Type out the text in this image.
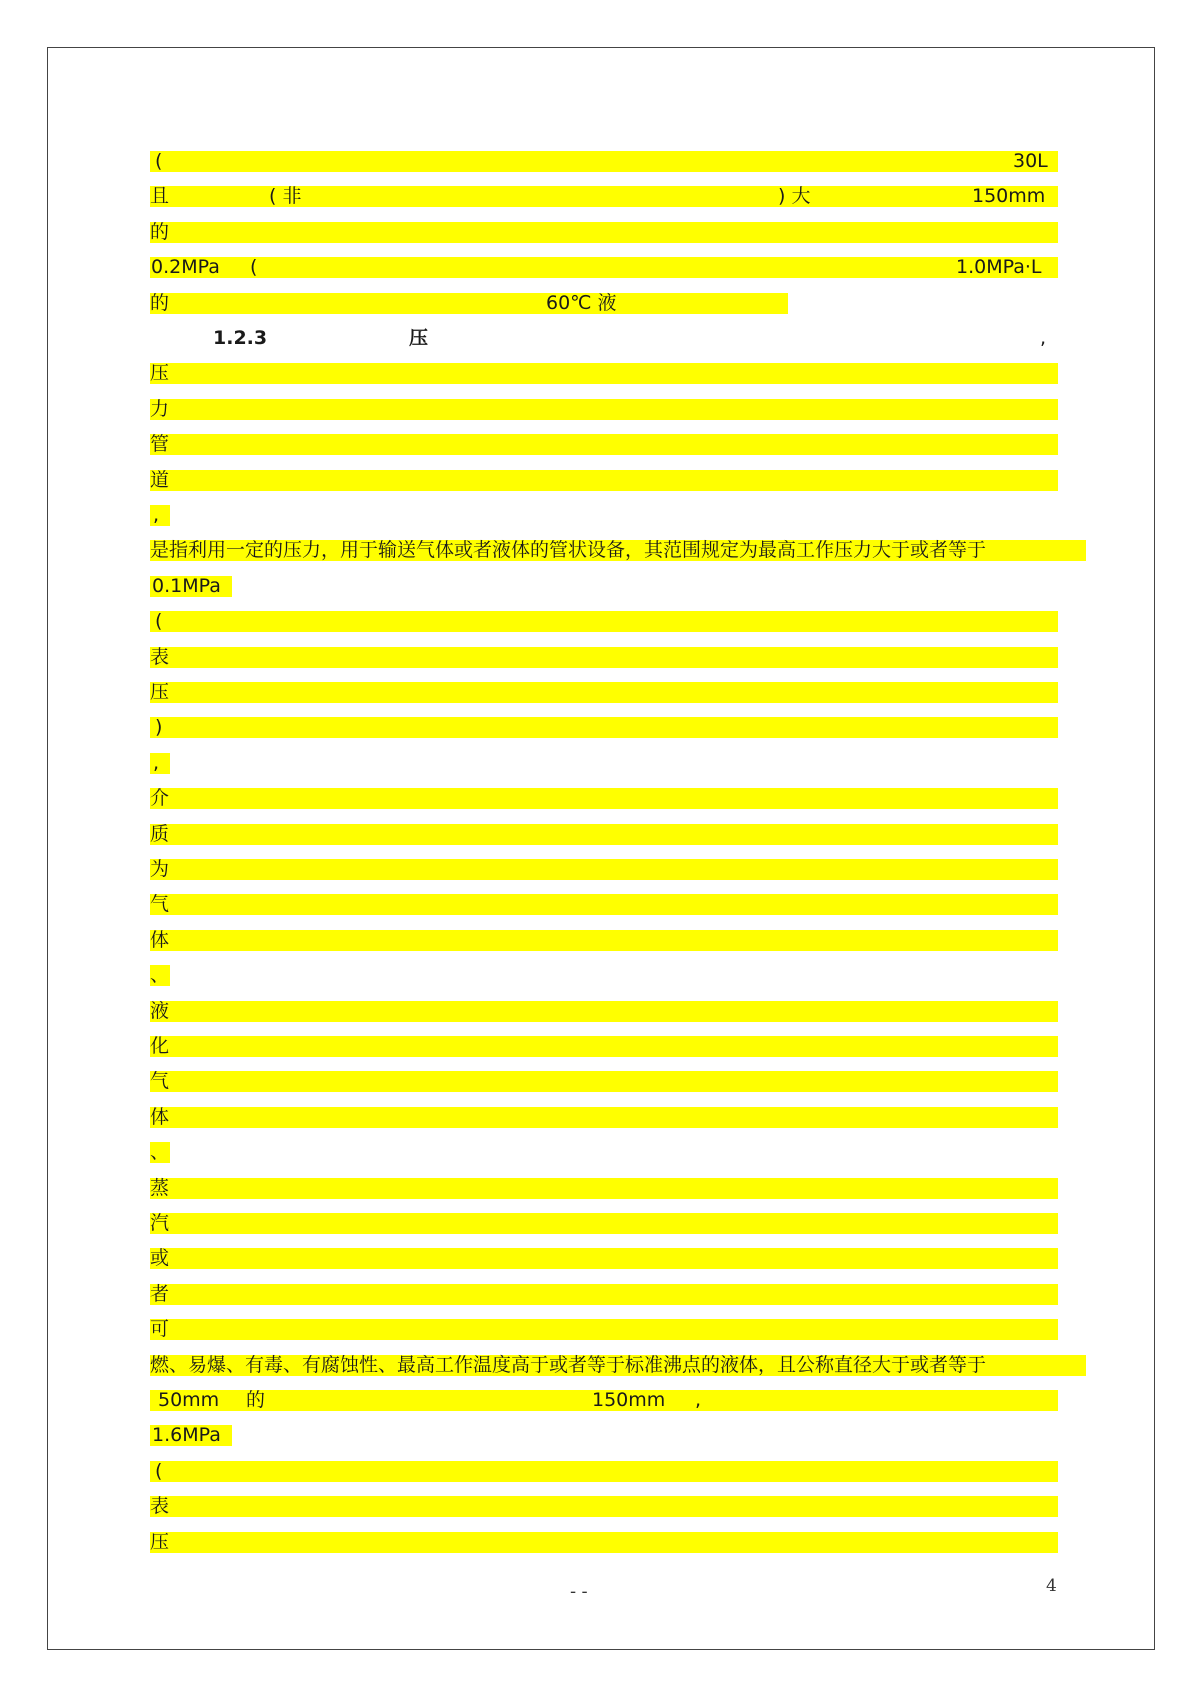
(	30L
且	( 非	) 大	150mm
的
0.2MPa (	1.0MPa·L
的	60℃ 液
1.2.3	压	,
压
力
管
道
,
是指利用一定的压力，用于输送气体或者液体的管状设备，其范围规定为最高工作压力大于或者等于
0.1MPa
(
表
压
)
,
介
质
为
气
体
、
液
化
气
体
、
蒸
汽
或
者
可
燃、易爆、有毒、有腐蚀性、最高工作温度高于或者等于标准沸点的液体，且公称直径大于或者等于
50mm 的	150mm ,
1.6MPa
(
表
压
- -	4
